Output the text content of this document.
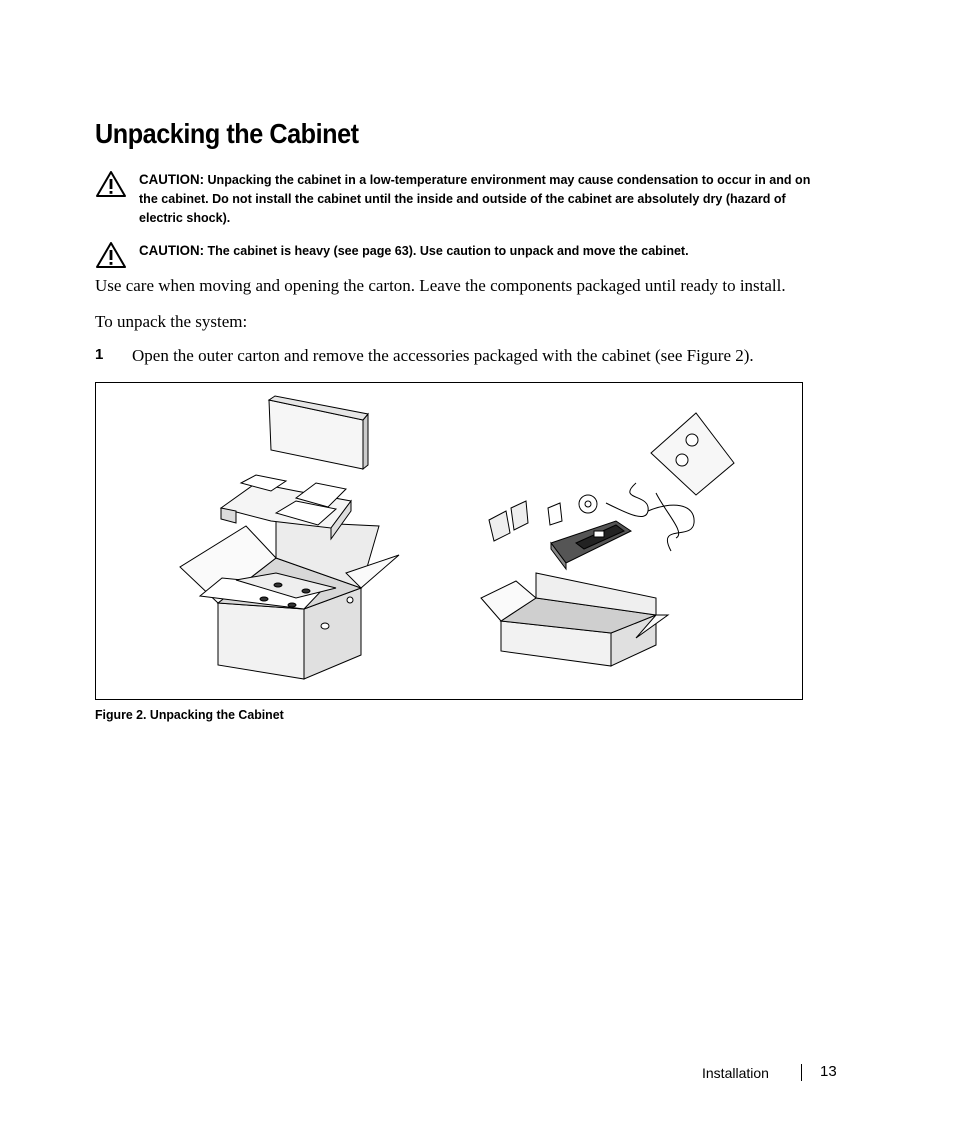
Unpacking the Cabinet
CAUTION: Unpacking the cabinet in a low-temperature environment may cause condensation to occur in and on the cabinet. Do not install the cabinet until the inside and outside of the cabinet are absolutely dry (hazard of electric shock).
CAUTION: The cabinet is heavy (see page 63). Use caution to unpack and move the cabinet.

Use care when moving and opening the carton. Leave the components packaged until ready to install.

To unpack the system:

1 Open the outer carton and remove the accessories packaged with the cabinet (see Figure 2).
Figure 2. Unpacking the Cabinet
Installation	13
